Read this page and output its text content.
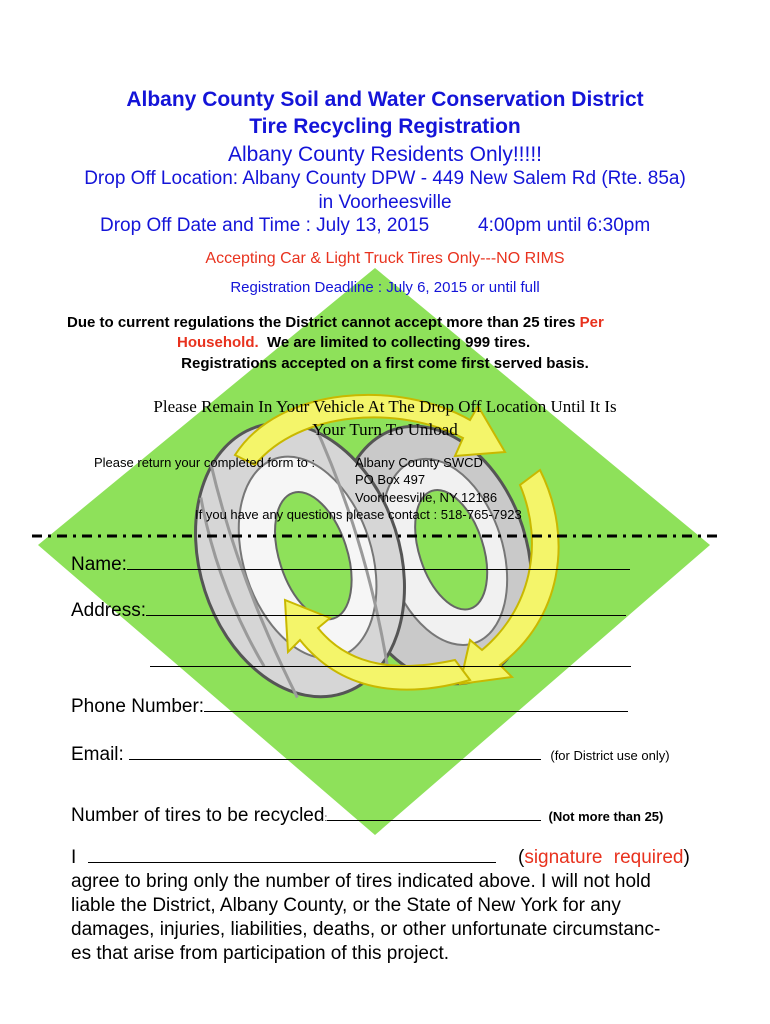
Albany County Soil and Water Conservation District
Tire Recycling Registration
Albany County Residents Only!!!!!
Drop Off Location: Albany County DPW - 449 New Salem Rd (Rte. 85a)
in Voorheesville
Drop Off Date and Time : July 13, 2015	4:00pm until 6:30pm
Accepting Car & Light Truck Tires Only---NO RIMS
Registration Deadline : July 6, 2015 or until full
Due to current regulations the District cannot accept more than 25 tires Per
Household.  We are limited to collecting 999 tires.
Registrations accepted on a first come first served basis.
Please Remain In Your Vehicle At The Drop Off Location Until It Is
Your Turn To Unload
Please return your completed form to :	Albany County SWCD
PO Box 497
Voorheesville, NY 12186
If you have any questions please contact : 518-765-7923
Name:
Address:
Phone Number:
Email:	(for District use only)
Number of tires to be recycled:	(Not more than 25)
I	(signature required)
agree to bring only the number of tires indicated above. I will not hold
liable the District, Albany County, or the State of New York for any
damages, injuries, liabilities, deaths, or other unfortunate circumstanc-
es that arise from participation of this project.
